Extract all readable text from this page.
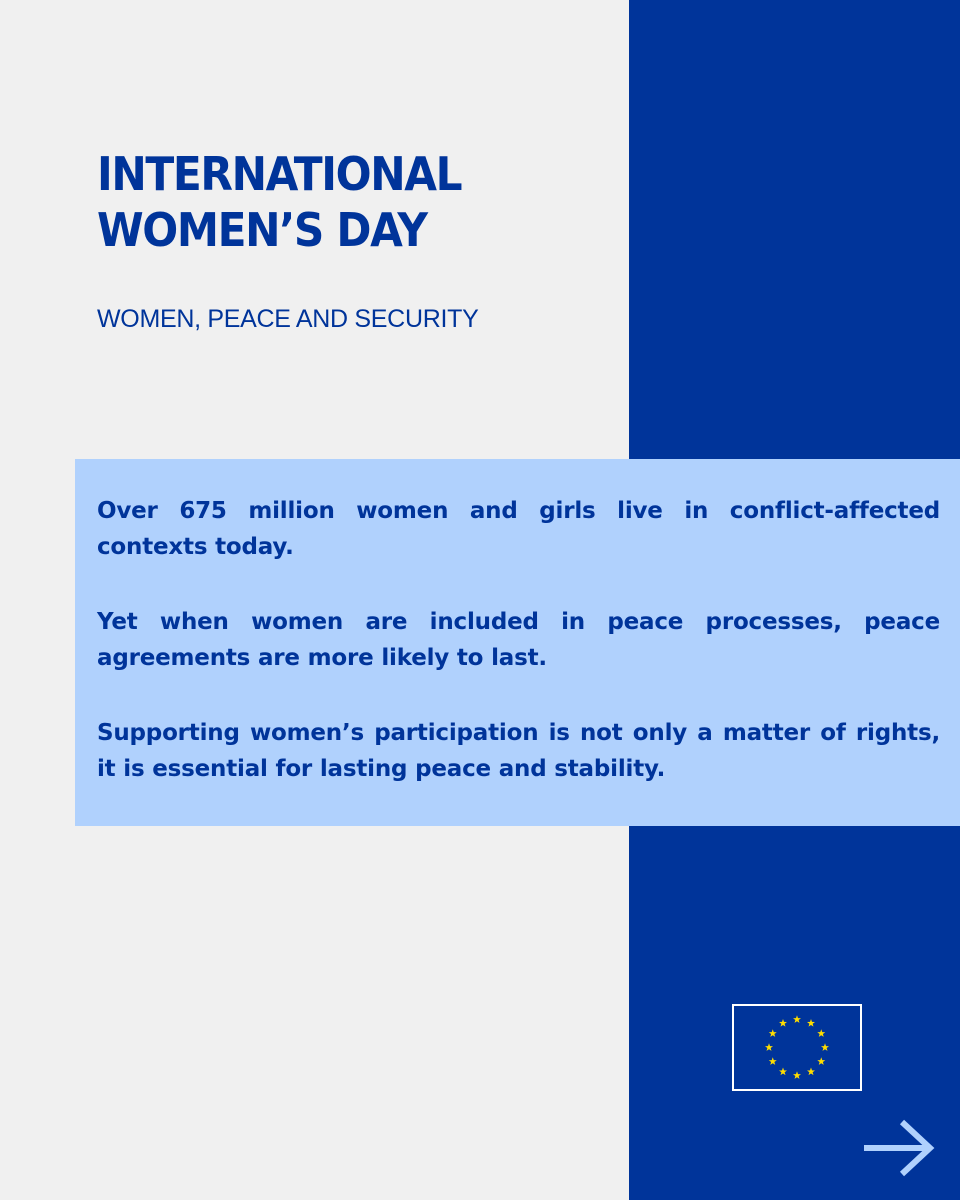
INTERNATIONAL
WOMEN’S DAY
WOMEN, PEACE AND SECURITY

Over 675 million women and girls live in conflict-affected contexts today.

Yet when women are included in peace processes, peace agreements are more likely to last.

Supporting women’s participation is not only a matter of rights, it is essential for lasting peace and stability.
